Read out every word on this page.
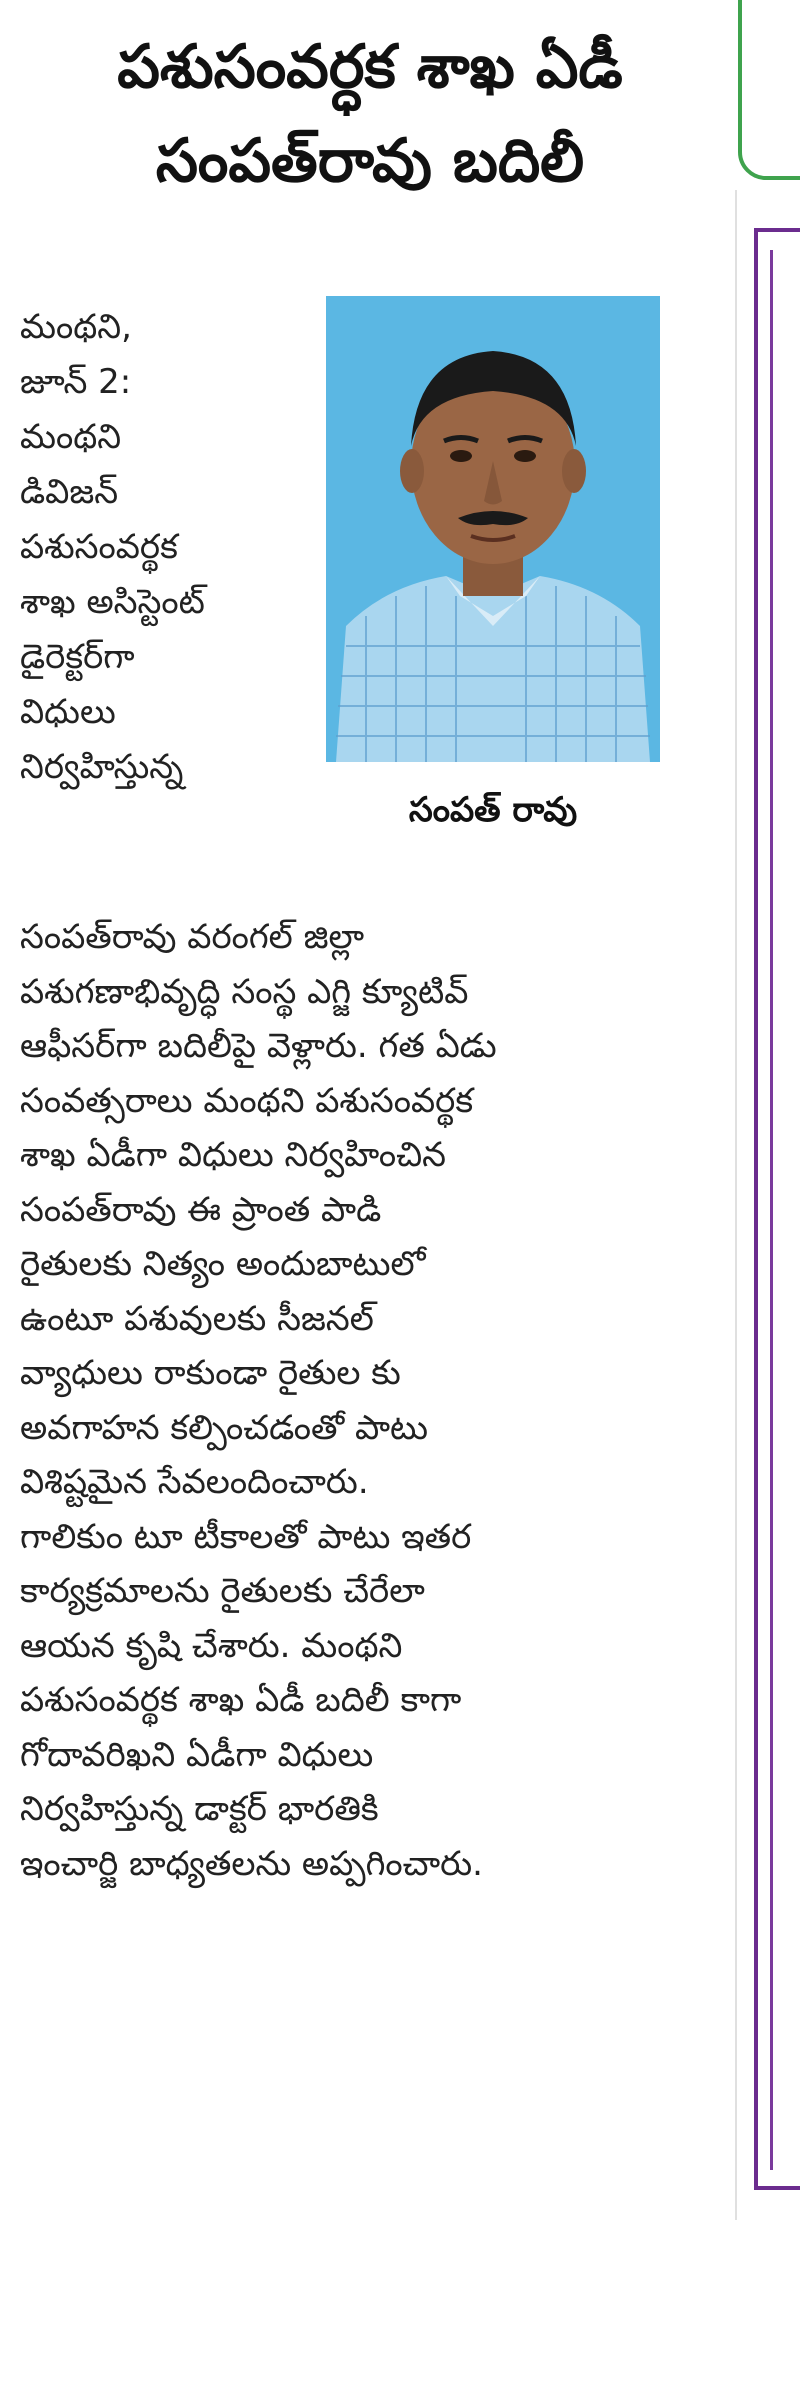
పశుసంవర్ధక శాఖ ఏడీ
సంపత్‌రావు బదిలీ
సంపత్ రావు
మంథని,
జూన్ 2:
మంథని
డివిజన్
పశుసంవర్థక
శాఖ అసిస్టెంట్
డైరెక్టర్‌గా
విధులు
నిర్వహిస్తున్న
సంపత్‌రావు వరంగల్ జిల్లా
పశుగణాభివృద్ధి సంస్థ ఎగ్జి క్యూటివ్
ఆఫీసర్‌గా బదిలీపై వెళ్లారు. గత ఏడు
సంవత్సరాలు మంథని పశుసంవర్థక
శాఖ ఏడీగా విధులు నిర్వహించిన
సంపత్‌రావు ఈ ప్రాంత పాడి
రైతులకు నిత్యం అందుబాటులో
ఉంటూ పశువులకు సీజనల్
వ్యాధులు రాకుండా రైతుల కు
అవగాహన కల్పించడంతో పాటు
విశిష్టమైన సేవలందించారు.
గాలికుం టూ టీకాలతో పాటు ఇతర
కార్యక్రమాలను రైతులకు చేరేలా
ఆయన కృషి చేశారు. మంథని
పశుసంవర్థక శాఖ ఏడీ బదిలీ కాగా
గోదావరిఖని ఏడీగా విధులు
నిర్వహిస్తున్న డాక్టర్ భారతికి
ఇంచార్జి బాధ్యతలను అప్పగించారు.
